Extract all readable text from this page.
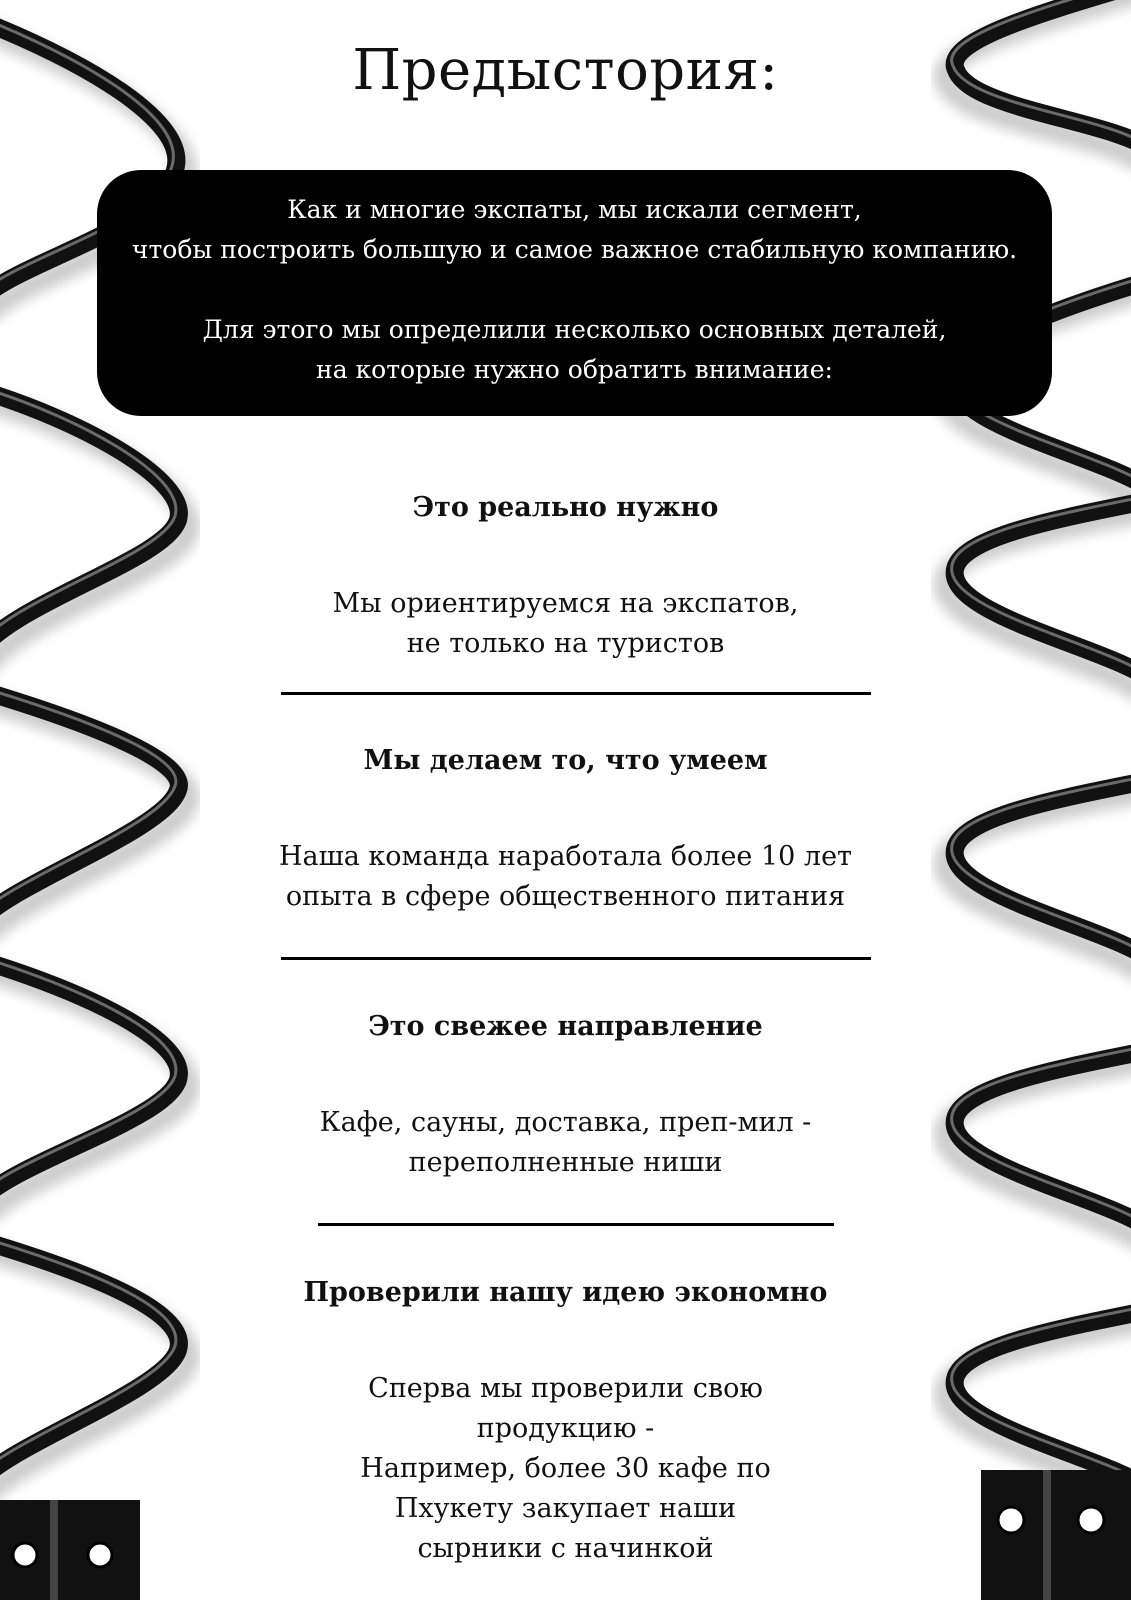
Предыстория:

Как и многие экспаты, мы искали сегмент,

чтобы построить большую и самое важное стабильную компанию.

Для этого мы определили несколько основных деталей,

на которые нужно обратить внимание:

Это реально нужно

Мы ориентируемся на экспатов,

не только на туристов

Мы делаем то, что умеем

Наша команда наработала более 10 лет

опыта в сфере общественного питания

Это свежее направление

Кафе, сауны, доставка, преп-мил -

переполненные ниши

Проверили нашу идею экономно

Сперва мы проверили свою

продукцию -

Например, более 30 кафе по

Пхукету закупает наши

сырники с начинкой
